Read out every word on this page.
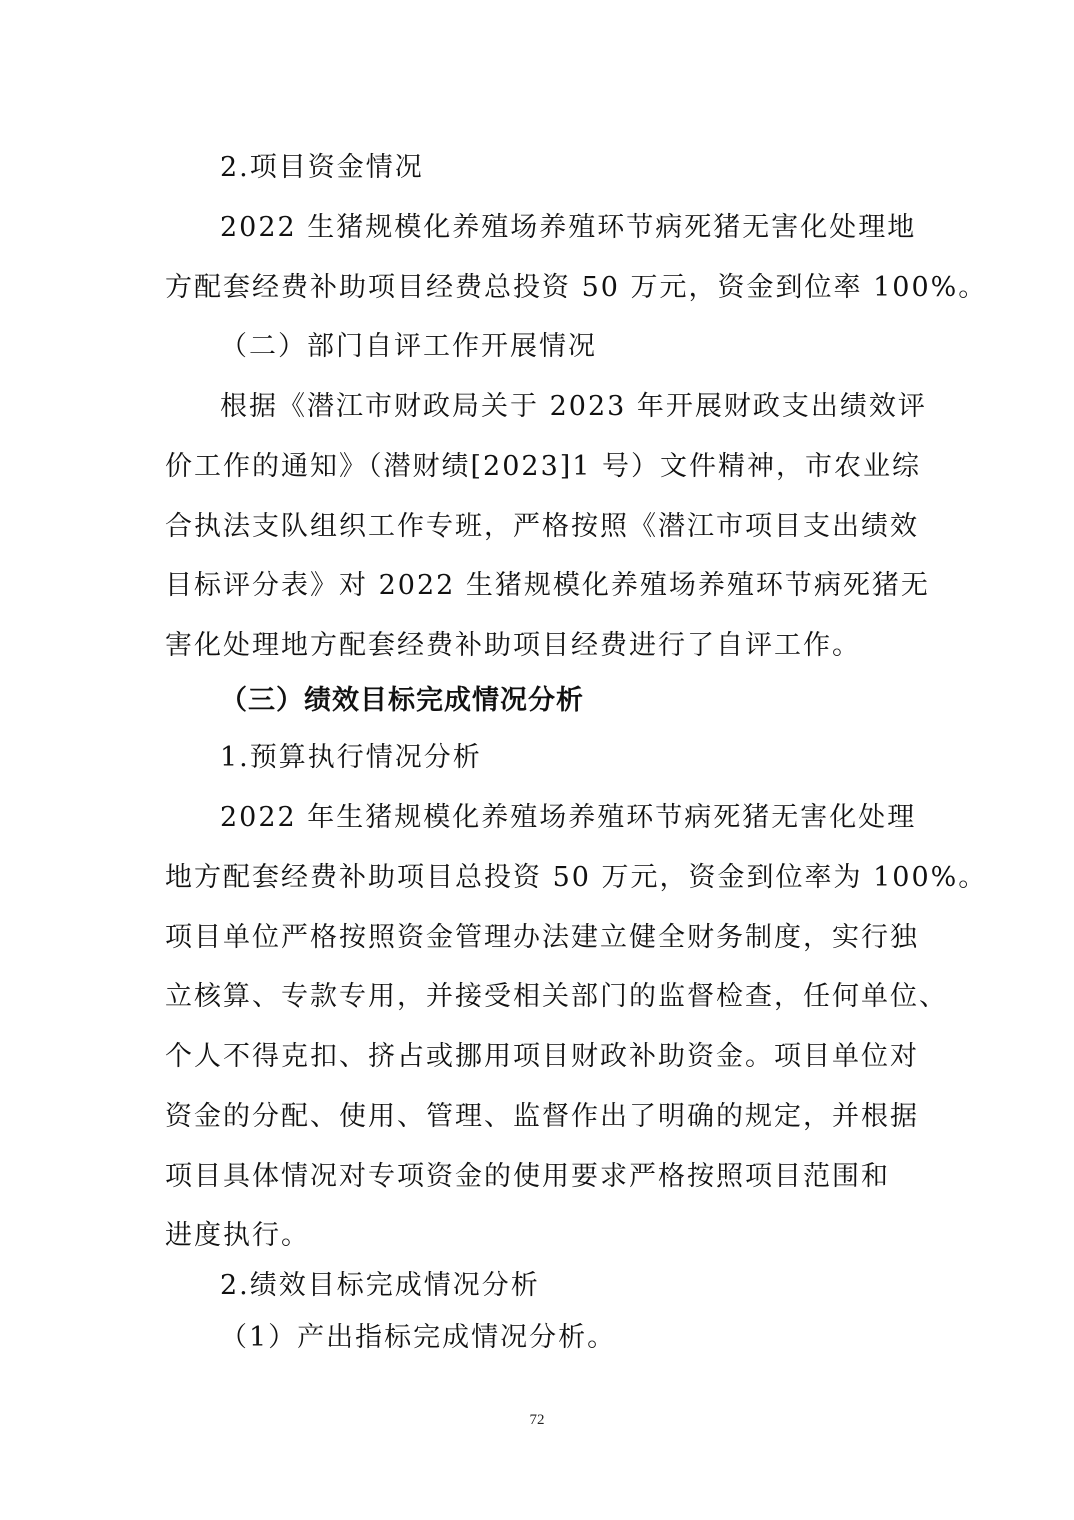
2.项目资金情况
2022 生猪规模化养殖场养殖环节病死猪无害化处理地
方配套经费补助项目经费总投资 50 万元，资金到位率 100%。
（二）部门自评工作开展情况
根据《潜江市财政局关于 2023 年开展财政支出绩效评
价工作的通知》（潜财绩[2023]1 号）文件精神，市农业综
合执法支队组织工作专班，严格按照《潜江市项目支出绩效
目标评分表》对 2022 生猪规模化养殖场养殖环节病死猪无
害化处理地方配套经费补助项目经费进行了自评工作。
（三）绩效目标完成情况分析
1.预算执行情况分析
2022 年生猪规模化养殖场养殖环节病死猪无害化处理
地方配套经费补助项目总投资 50 万元，资金到位率为 100%。
项目单位严格按照资金管理办法建立健全财务制度，实行独
立核算、专款专用，并接受相关部门的监督检查，任何单位、
个人不得克扣、挤占或挪用项目财政补助资金。项目单位对
资金的分配、使用、管理、监督作出了明确的规定，并根据
项目具体情况对专项资金的使用要求严格按照项目范围和
进度执行。
2.绩效目标完成情况分析
（1）产出指标完成情况分析。
72
